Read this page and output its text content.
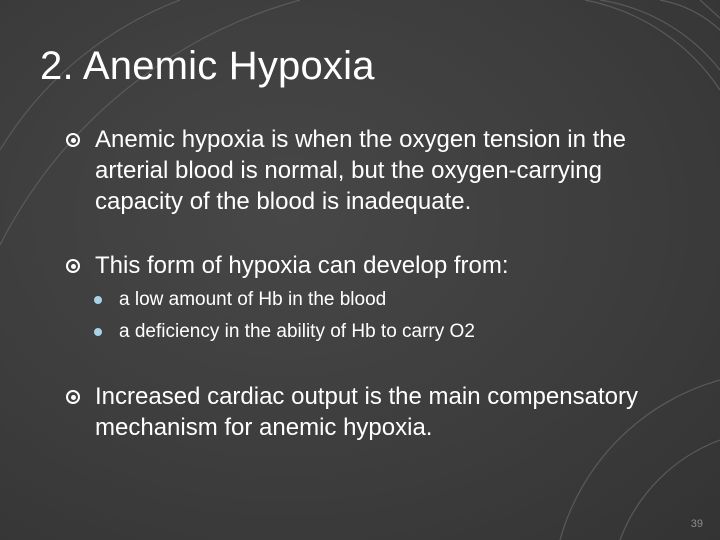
2. Anemic Hypoxia
Anemic hypoxia is when the oxygen tension in the arterial blood is normal, but the oxygen-carrying capacity of the blood is inadequate.
This form of hypoxia can develop from:
a low amount of Hb in the blood
a deficiency in the ability of Hb to carry O2
Increased cardiac output is the main compensatory mechanism for anemic hypoxia.
39
